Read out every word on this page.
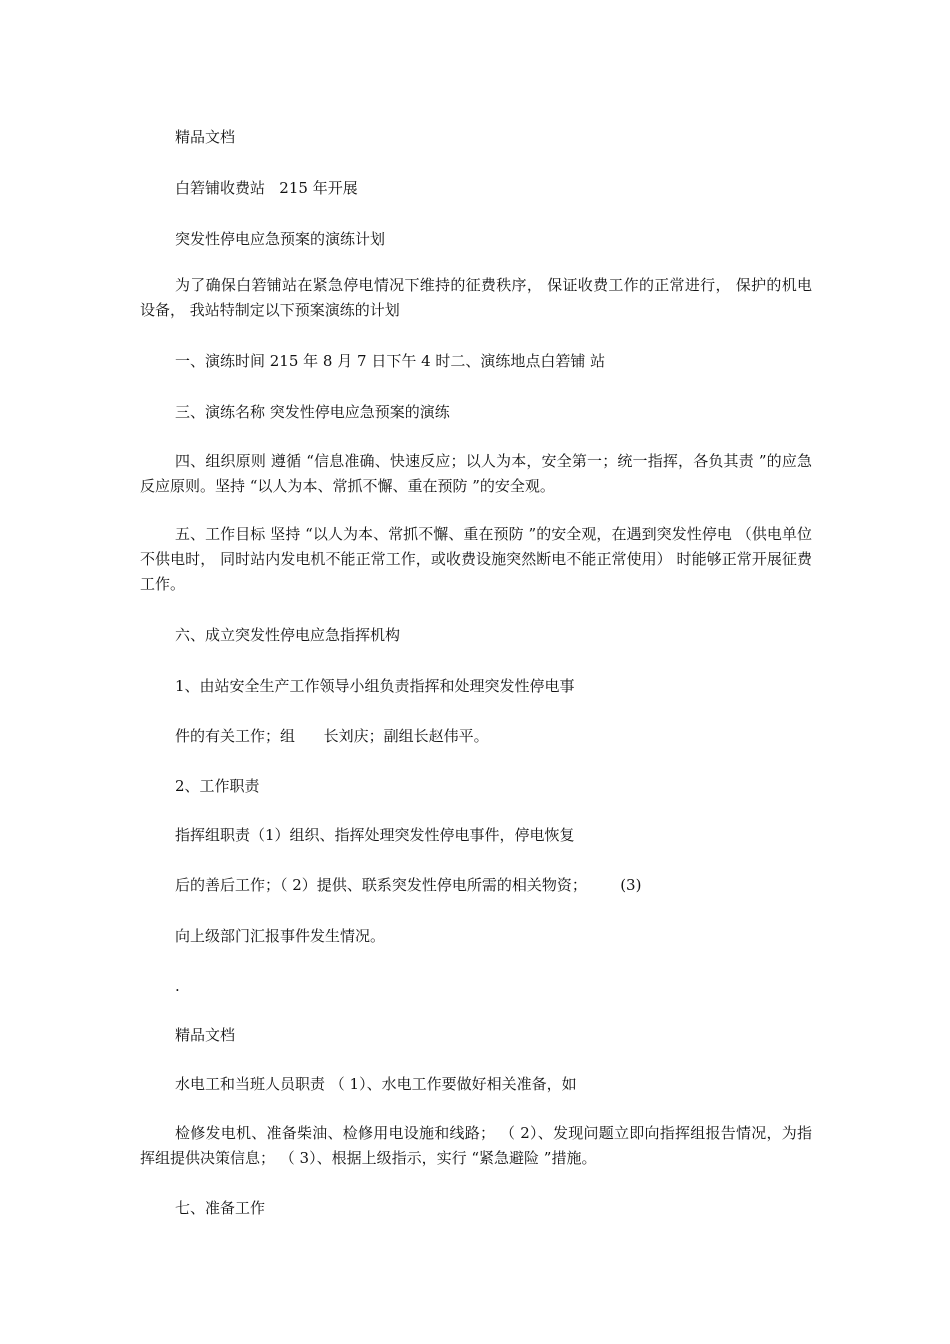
精品文档
白箬铺收费站   215 年开展
突发性停电应急预案的演练计划
为了确保白箬铺站在紧急停电情况下维持的征费秩序， 保证收费工作的正常进行， 保护的机电设备， 我站特制定以下预案演练的计划
一、演练时间 215 年 8 月 7 日下午 4 时二、演练地点白箬铺 站
三、演练名称 突发性停电应急预案的演练
四、组织原则 遵循 “信息准确、快速反应；以人为本，安全第一；统一指挥，各负其责 ”的应急反应原则。坚持 “以人为本、常抓不懈、重在预防 ”的安全观。
五、工作目标 坚持 “以人为本、常抓不懈、重在预防 ”的安全观，在遇到突发性停电 （供电单位不供电时， 同时站内发电机不能正常工作，或收费设施突然断电不能正常使用） 时能够正常开展征费工作。
六、成立突发性停电应急指挥机构
1、由站安全生产工作领导小组负责指挥和处理突发性停电事
件的有关工作；组      长刘庆；副组长赵伟平。
2、工作职责
指挥组职责（1）组织、指挥处理突发性停电事件，停电恢复
后的善后工作；（ 2）提供、联系突发性停电所需的相关物资；       (3)
向上级部门汇报事件发生情况。
.
精品文档
水电工和当班人员职责 （ 1）、水电工作要做好相关准备，如
检修发电机、准备柴油、检修用电设施和线路； （ 2）、发现问题立即向指挥组报告情况，为指挥组提供决策信息； （ 3）、根据上级指示，实行 “紧急避险 ”措施。
七、准备工作
